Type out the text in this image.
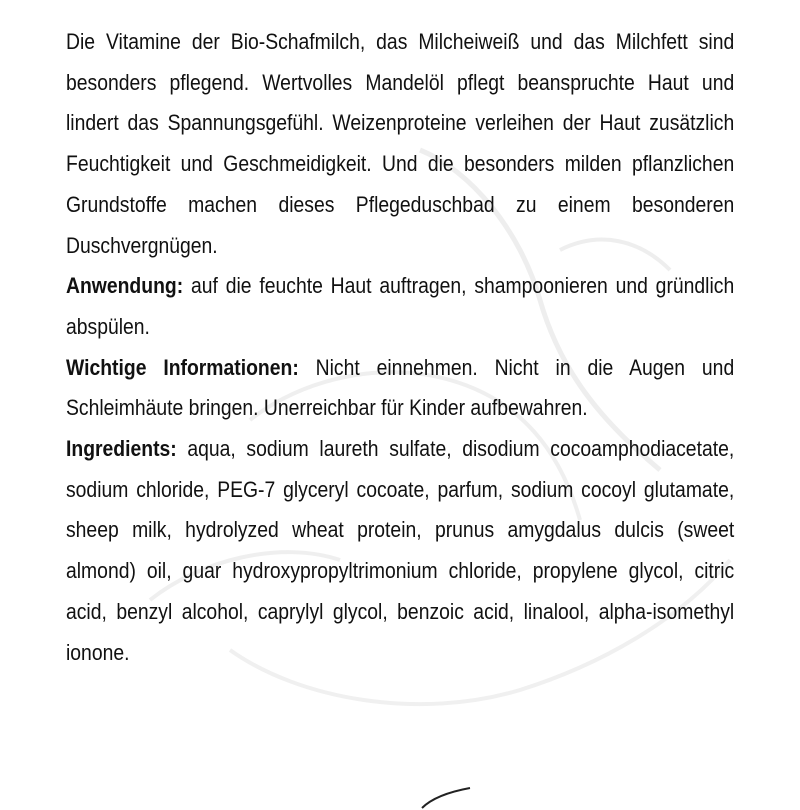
Die Vitamine der Bio-Schafmilch, das Milcheiweiß und das Milchfett sind besonders pflegend. Wertvolles Mandelöl pflegt beanspruchte Haut und lindert das Spannungsgefühl. Weizenproteine verleihen der Haut zusätzlich Feuchtigkeit und Geschmeidigkeit. Und die besonders milden pflanzlichen Grundstoffe machen dieses Pflegeduschbad zu einem besonderen Duschvergnügen.

Anwendung: auf die feuchte Haut auftragen, shampoonieren und gründlich abspülen.

Wichtige Informationen: Nicht einnehmen. Nicht in die Augen und Schleimhäute bringen. Unerreichbar für Kinder aufbewahren.

Ingredients: aqua, sodium laureth sulfate, disodium cocoamphodiacetate, sodium chloride, PEG-7 glyceryl cocoate, parfum, sodium cocoyl glutamate, sheep milk, hydrolyzed wheat protein, prunus amygdalus dulcis (sweet almond) oil, guar hydroxypropyltrimonium chloride, propylene glycol, citric acid, benzyl alcohol, caprylyl glycol, benzoic acid, linalool, alpha-isomethyl ionone.
